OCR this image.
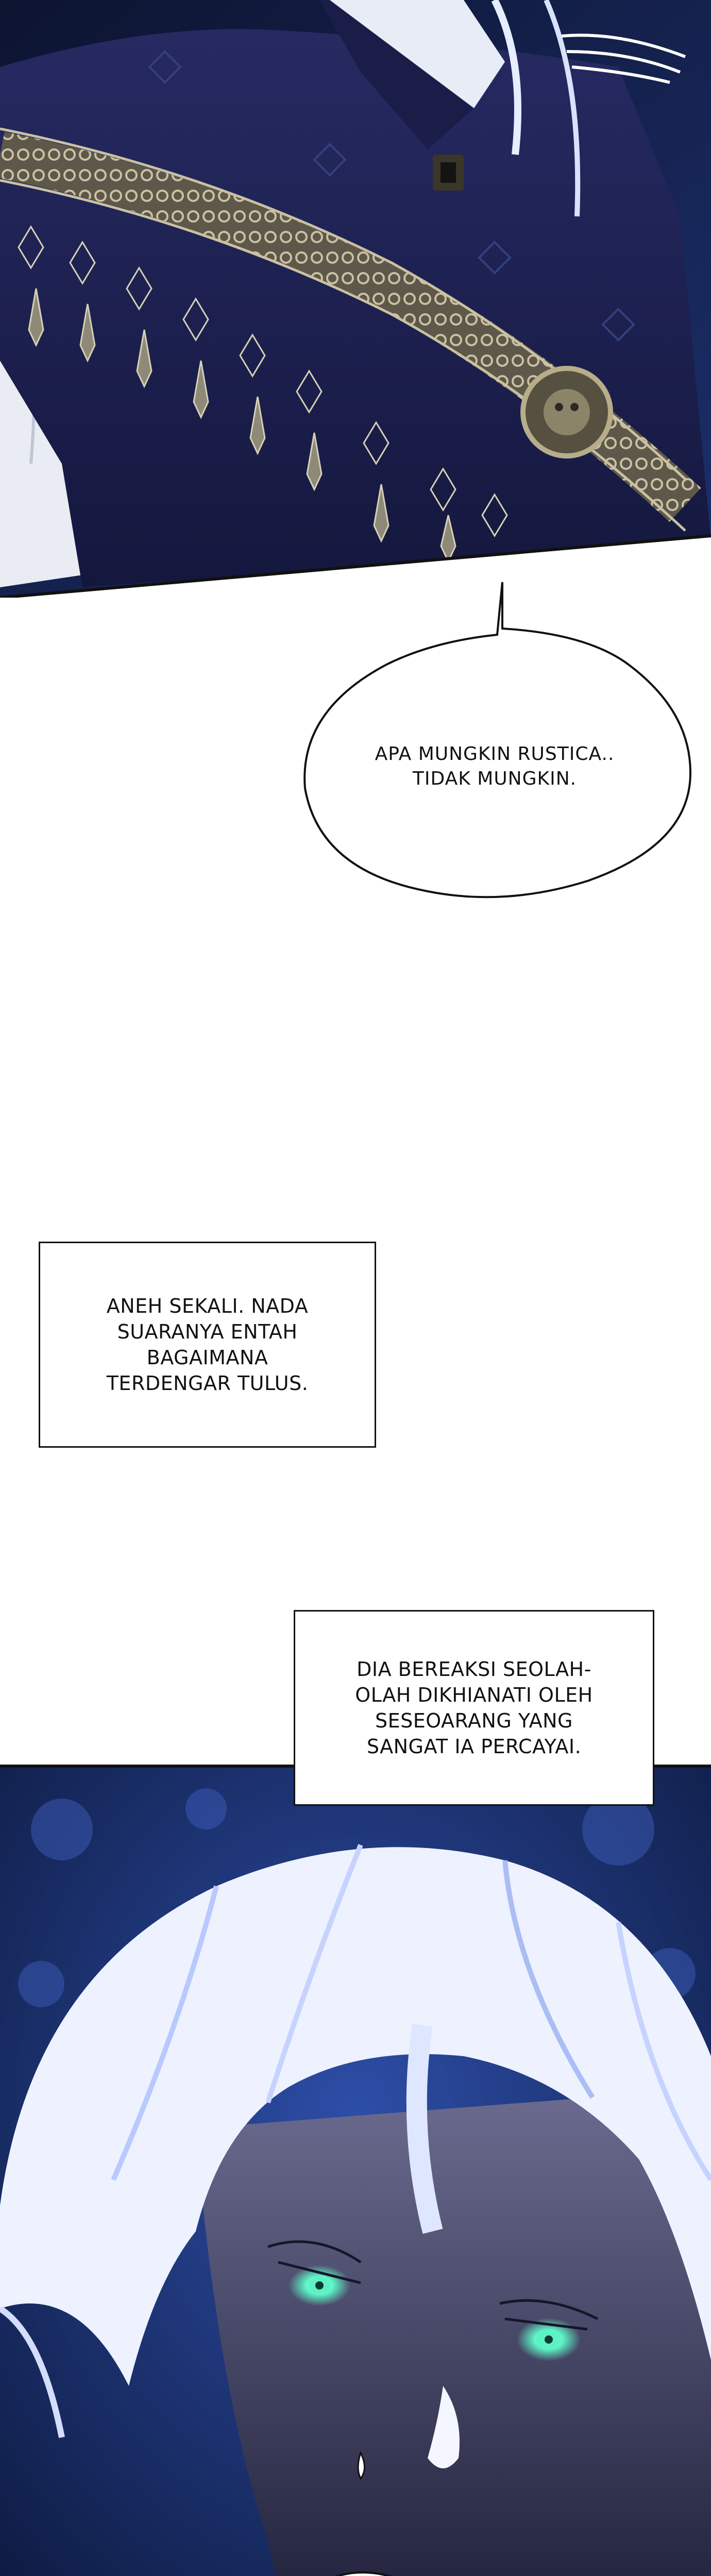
APA MUNGKIN RUSTICA..
TIDAK MUNGKIN.
ANEH SEKALI. NADA
SUARANYA ENTAH
BAGAIMANA
TERDENGAR TULUS.
DIA BEREAKSI SEOLAH-
OLAH DIKHIANATI OLEH
SESEOARANG YANG
SANGAT IA PERCAYAI.
